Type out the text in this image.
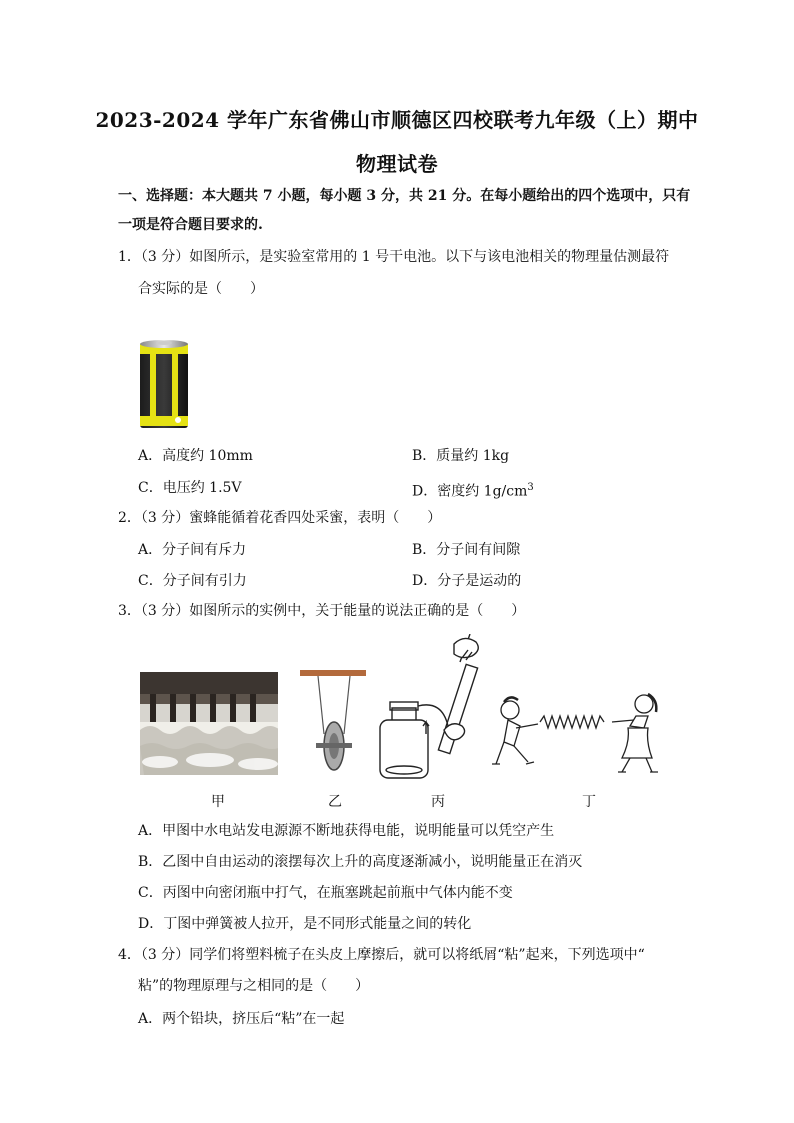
2023-2024 学年广东省佛山市顺德区四校联考九年级（上）期中
物理试卷
一、选择题：本大题共 7 小题，每小题 3 分，共 21 分。在每小题给出的四个选项中，只有
一项是符合题目要求的.
1．（3 分）如图所示，是实验室常用的 1 号干电池。以下与该电池相关的物理量估测最符
合实际的是（　　）
A．高度约 10mm	B．质量约 1kg
C．电压约 1.5V	D．密度约 $1g/cm^3$
2．（3 分）蜜蜂能循着花香四处采蜜，表明（　　）
A．分子间有斥力	B．分子间有间隙
C．分子间有引力	D．分子是运动的
3．（3 分）如图所示的实例中，关于能量的说法正确的是（　　）
甲	乙	丙	丁
A．甲图中水电站发电源源不断地获得电能，说明能量可以凭空产生
B．乙图中自由运动的滚摆每次上升的高度逐渐减小，说明能量正在消灭
C．丙图中向密闭瓶中打气，在瓶塞跳起前瓶中气体内能不变
D．丁图中弹簧被人拉开，是不同形式能量之间的转化
4．（3 分）同学们将塑料梳子在头皮上摩擦后，就可以将纸屑“粘”起来，下列选项中“
粘”的物理原理与之相同的是（　　）
A．两个铅块，挤压后“粘”在一起
